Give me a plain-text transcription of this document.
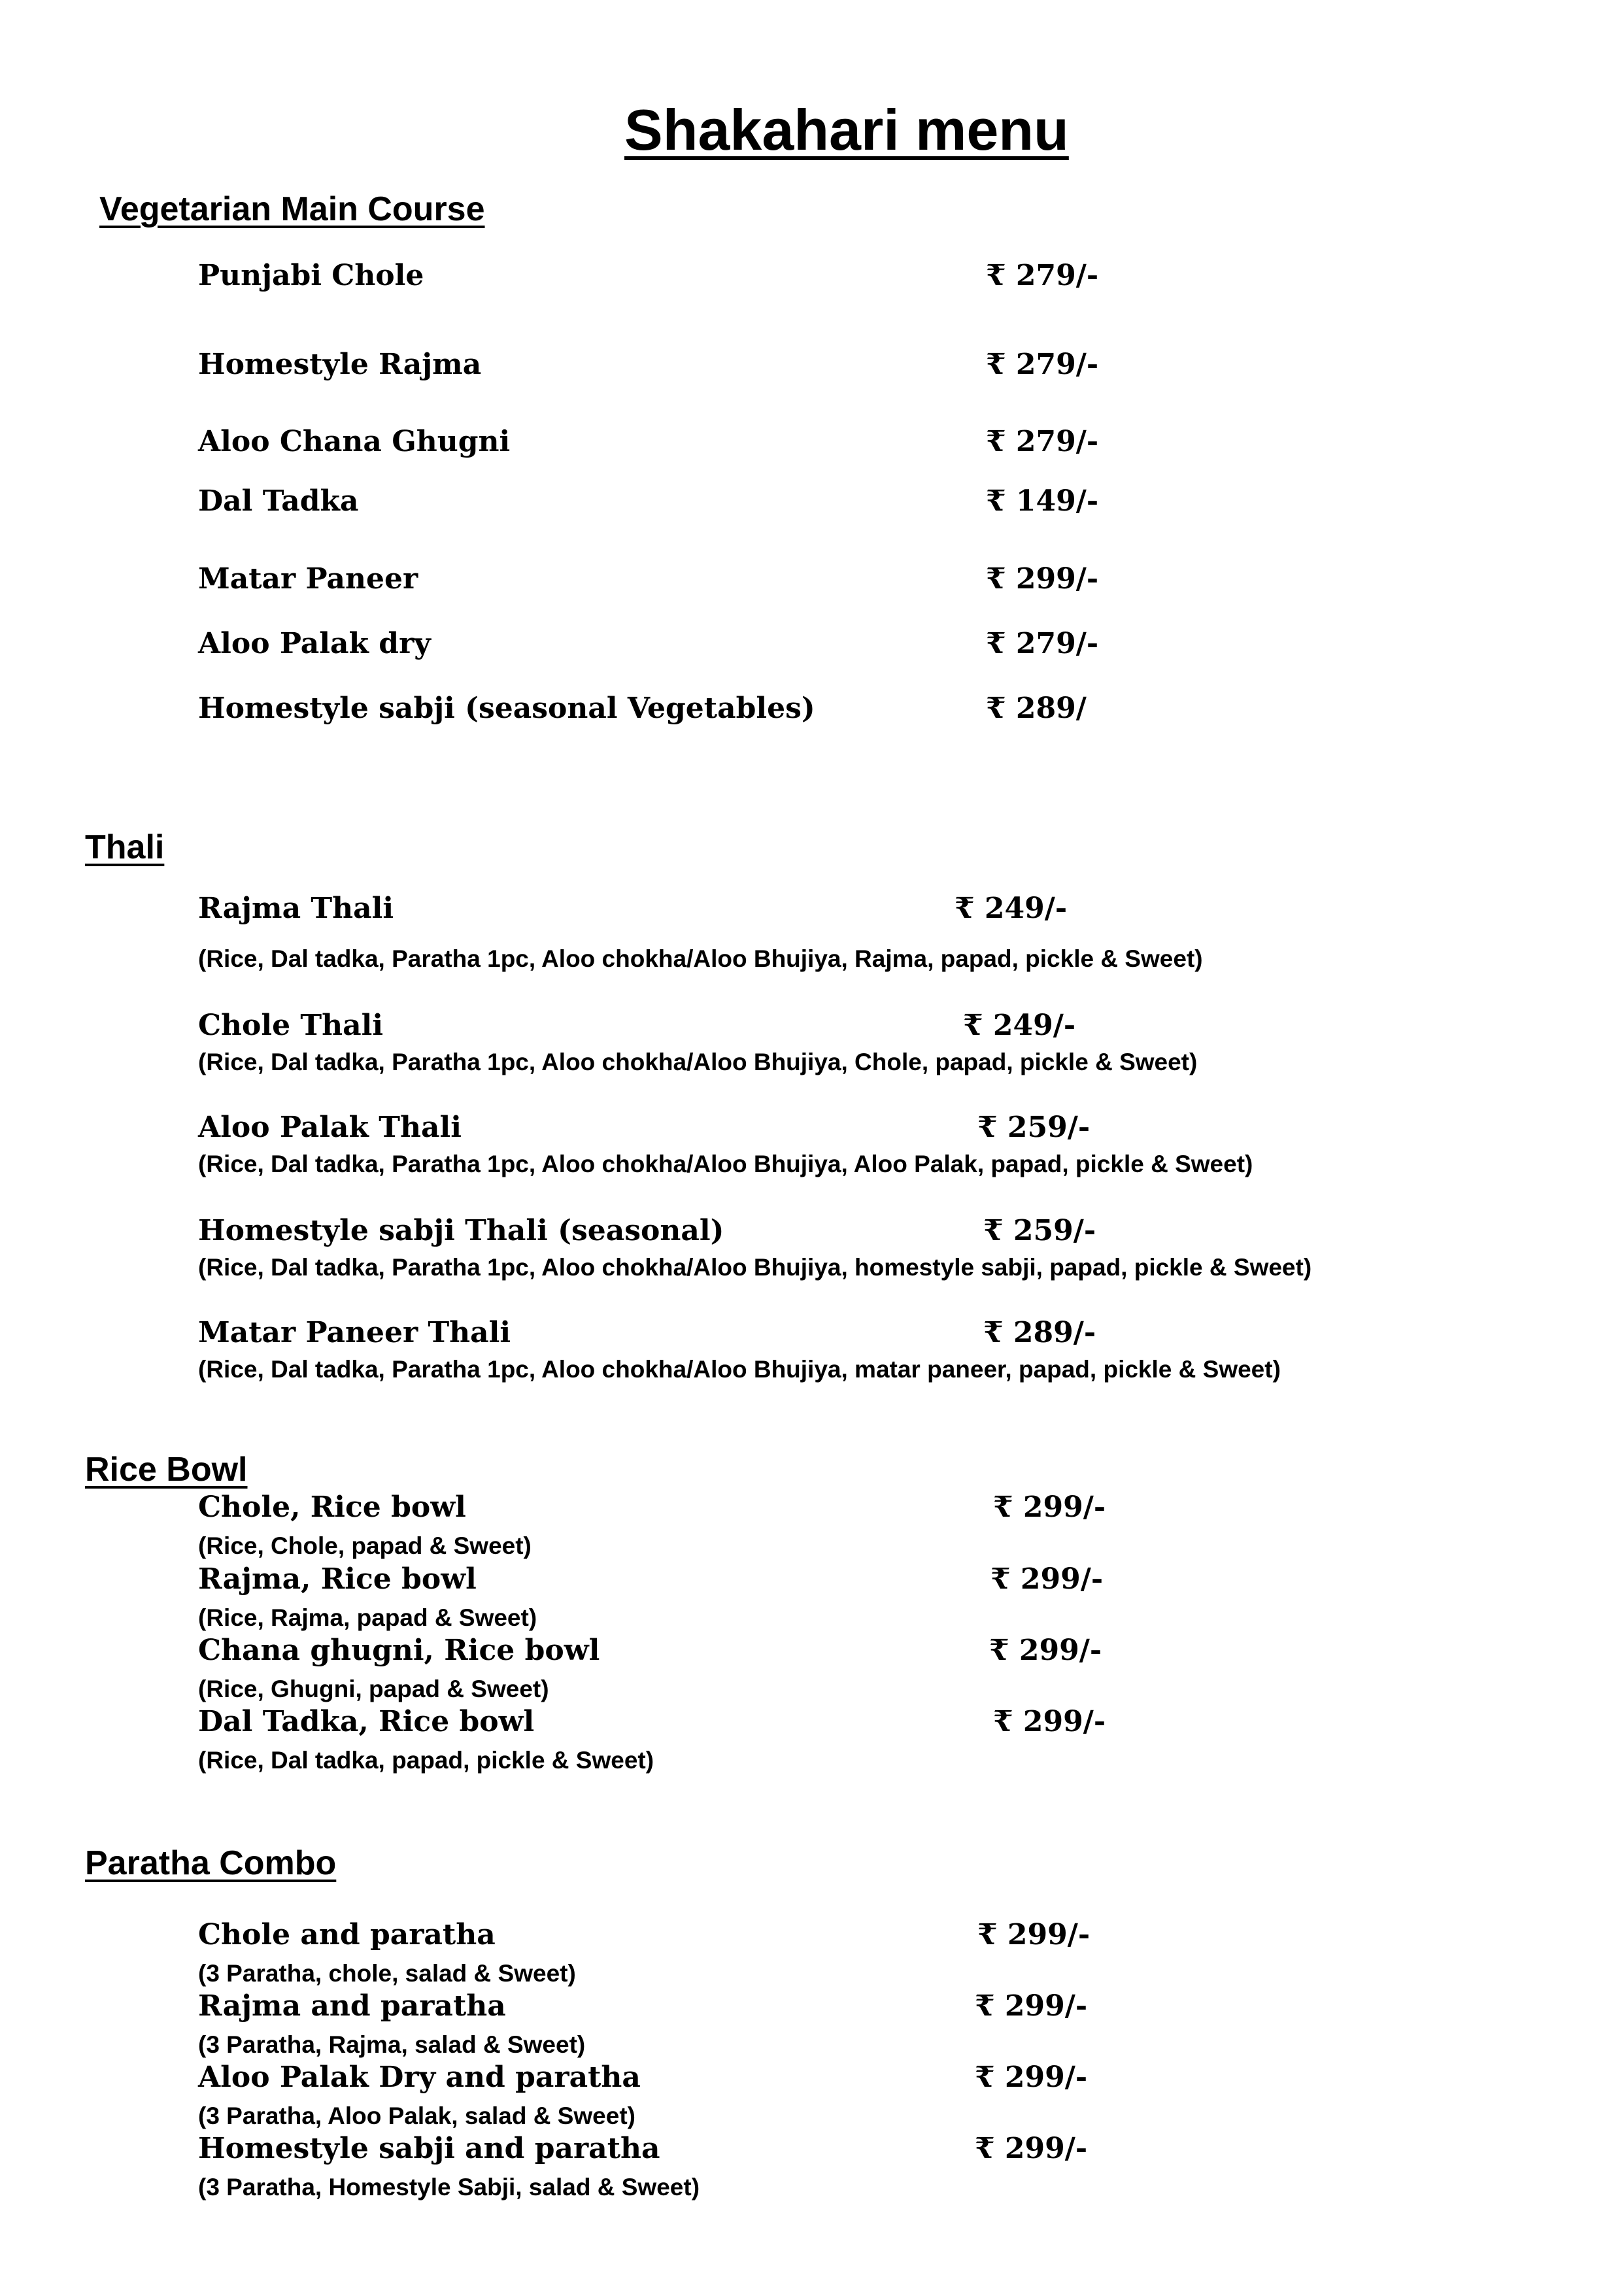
Shakahari menu
Vegetarian Main Course
Punjabi Chole	₹ 279/-
Homestyle Rajma	₹ 279/-
Aloo Chana Ghugni	₹ 279/-
Dal Tadka	₹ 149/-
Matar Paneer	₹ 299/-
Aloo Palak dry	₹ 279/-
Homestyle sabji (seasonal Vegetables)	₹ 289/
Thali
Rajma Thali	₹ 249/-
(Rice, Dal tadka, Paratha 1pc, Aloo chokha/Aloo Bhujiya, Rajma, papad, pickle & Sweet)
Chole Thali	₹ 249/-
(Rice, Dal tadka, Paratha 1pc, Aloo chokha/Aloo Bhujiya, Chole, papad, pickle & Sweet)
Aloo Palak Thali	₹ 259/-
(Rice, Dal tadka, Paratha 1pc, Aloo chokha/Aloo Bhujiya, Aloo Palak, papad, pickle & Sweet)
Homestyle sabji Thali (seasonal)	₹ 259/-
(Rice, Dal tadka, Paratha 1pc, Aloo chokha/Aloo Bhujiya, homestyle sabji, papad, pickle & Sweet)
Matar Paneer Thali	₹ 289/-
(Rice, Dal tadka, Paratha 1pc, Aloo chokha/Aloo Bhujiya, matar paneer, papad, pickle & Sweet)
Rice Bowl
Chole, Rice bowl	₹ 299/-
(Rice, Chole, papad & Sweet)
Rajma, Rice bowl	₹ 299/-
(Rice, Rajma, papad & Sweet)
Chana ghugni, Rice bowl	₹ 299/-
(Rice, Ghugni, papad & Sweet)
Dal Tadka, Rice bowl	₹ 299/-
(Rice, Dal tadka, papad, pickle & Sweet)
Paratha Combo
Chole and paratha	₹ 299/-
(3 Paratha, chole, salad & Sweet)
Rajma and paratha	₹ 299/-
(3 Paratha, Rajma, salad & Sweet)
Aloo Palak Dry and paratha	₹ 299/-
(3 Paratha, Aloo Palak, salad & Sweet)
Homestyle sabji and paratha	₹ 299/-
(3 Paratha, Homestyle Sabji, salad & Sweet)
